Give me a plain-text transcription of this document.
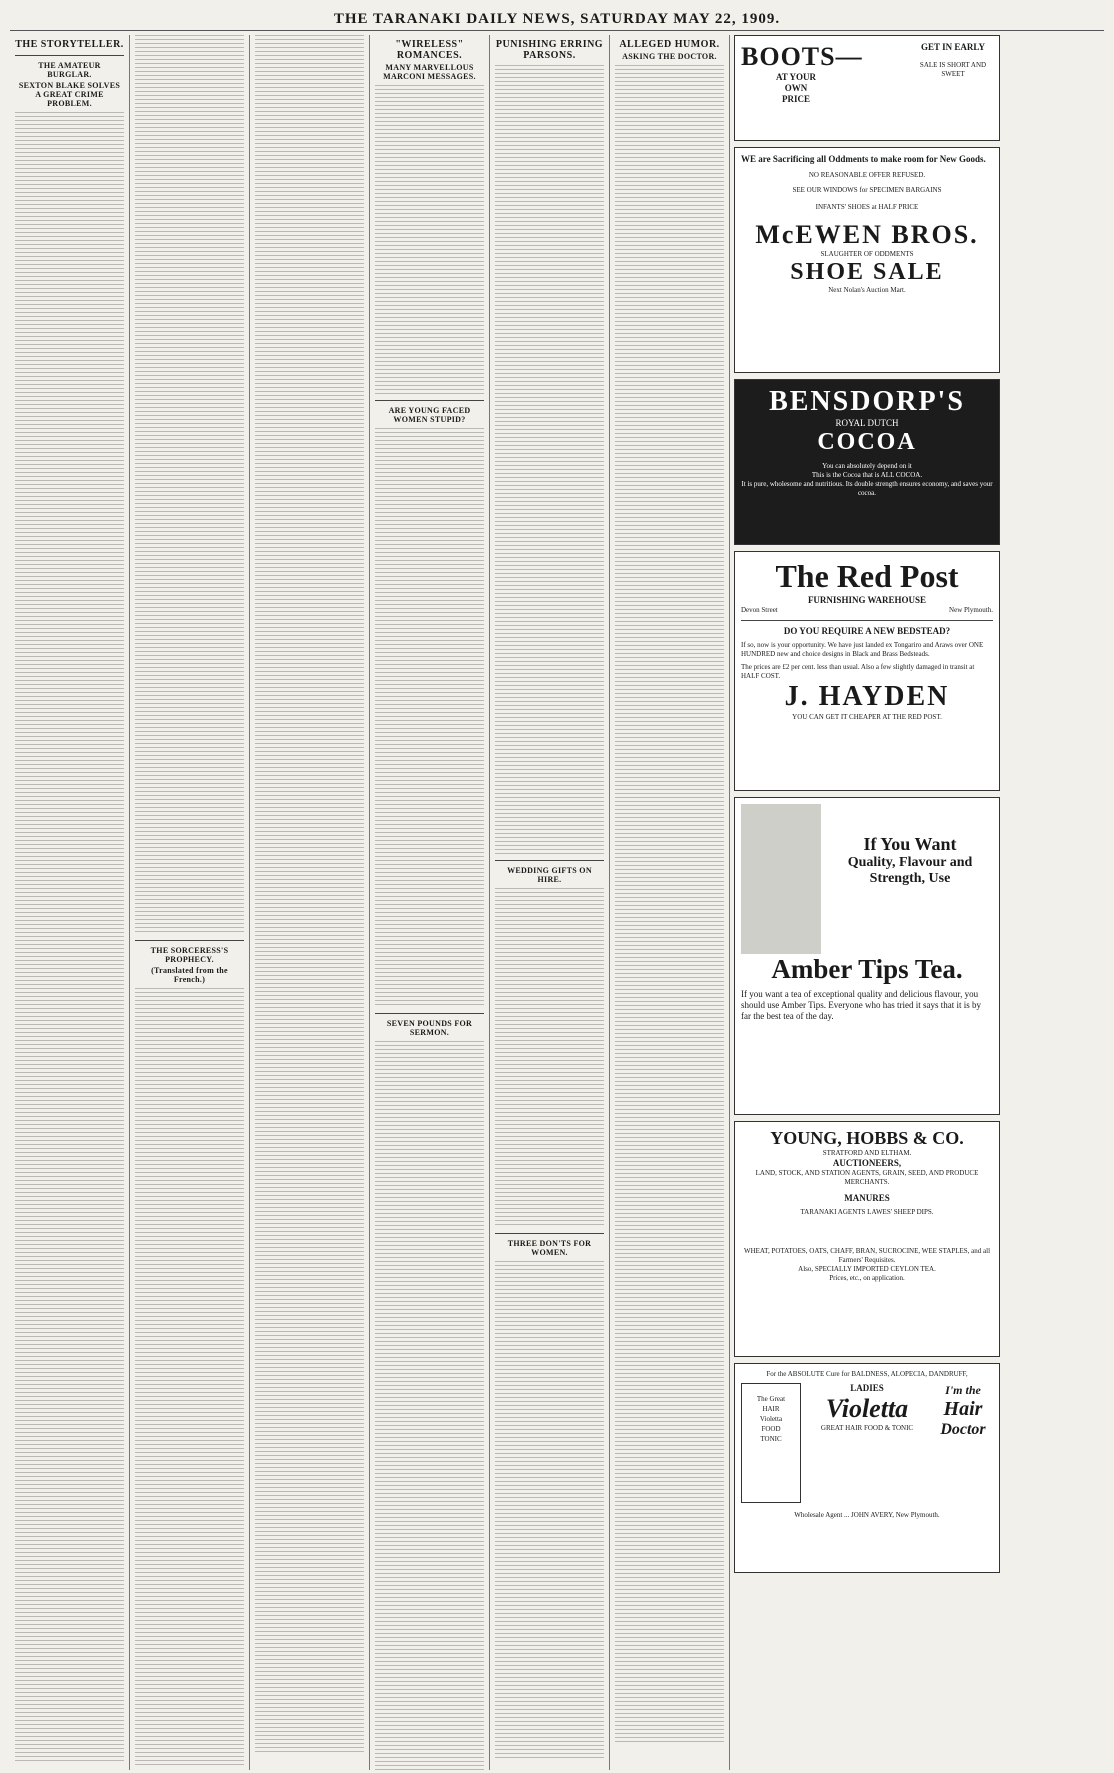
THE TARANAKI DAILY NEWS, SATURDAY MAY 22, 1909.
THE STORYTELLER.
THE AMATEUR BURGLAR.
SEXTON BLAKE SOLVES A GREAT CRIME PROBLEM.
THE SORCERESS'S PROPHECY.
(Translated from the French.)
"WIRELESS" ROMANCES.
MANY MARVELLOUS MARCONI MESSAGES.
ARE YOUNG FACED WOMEN STUPID?
SEVEN POUNDS FOR SERMON.
PUNISHING ERRING PARSONS.
WEDDING GIFTS ON HIRE.
THREE DON'TS FOR WOMEN.
ALLEGED HUMOR.
ASKING THE DOCTOR. BOOTS—
AT YOUR
OWN
PRICE
GET IN EARLY
SALE IS SHORT AND SWEET
WE are Sacrificing all Oddments to make room for New Goods.
NO REASONABLE OFFER REFUSED.
SEE OUR WINDOWS for SPECIMEN BARGAINS
INFANTS' SHOES at HALF PRICE
McEWEN BROS.
SLAUGHTER OF ODDMENTS
SHOE SALE
Next Nolan's Auction Mart.
BENSDORP'S
ROYAL DUTCH
COCOA
You can absolutely depend on it
This is the Cocoa that is ALL COCOA.
It is pure, wholesome and nutritious. Its double strength ensures economy, and saves your cocoa.
The Red Post
FURNISHING WAREHOUSE
Devon Street	New Plymouth.
DO YOU REQUIRE A NEW BEDSTEAD?
If so, now is your opportunity. We have just landed ex Tongariro and Araws over ONE HUNDRED new and choice designs in Black and Brass Bedsteads.
The prices are £2 per cent. less than usual. Also a few slightly damaged in transit at HALF COST.
J. HAYDEN
YOU CAN GET IT CHEAPER AT THE RED POST.
If You Want
Quality, Flavour and
Strength, Use
Amber Tips Tea.
If you want a tea of exceptional quality and delicious flavour, you should use Amber Tips. Everyone who has tried it says that it is by far the best tea of the day.
YOUNG, HOBBS & CO.
STRATFORD AND ELTHAM.
AUCTIONEERS,
LAND, STOCK, AND STATION AGENTS, GRAIN, SEED, AND PRODUCE MERCHANTS.
MANURES
TARANAKI AGENTS LAWES' SHEEP DIPS.
WHEAT, POTATOES, OATS, CHAFF, BRAN, SUCROCINE, WEE STAPLES, and all Farmers' Requisites.
Also, SPECIALLY IMPORTED CEYLON TEA.
Prices, etc., on application.
For the ABSOLUTE Cure for BALDNESS, ALOPECIA, DANDRUFF,
The Great
HAIR
Violetta
FOOD
TONIC
LADIES
Violetta
GREAT HAIR FOOD & TONIC
I'm the
Hair
Doctor
Wholesale Agent ... JOHN AVERY, New Plymouth.
